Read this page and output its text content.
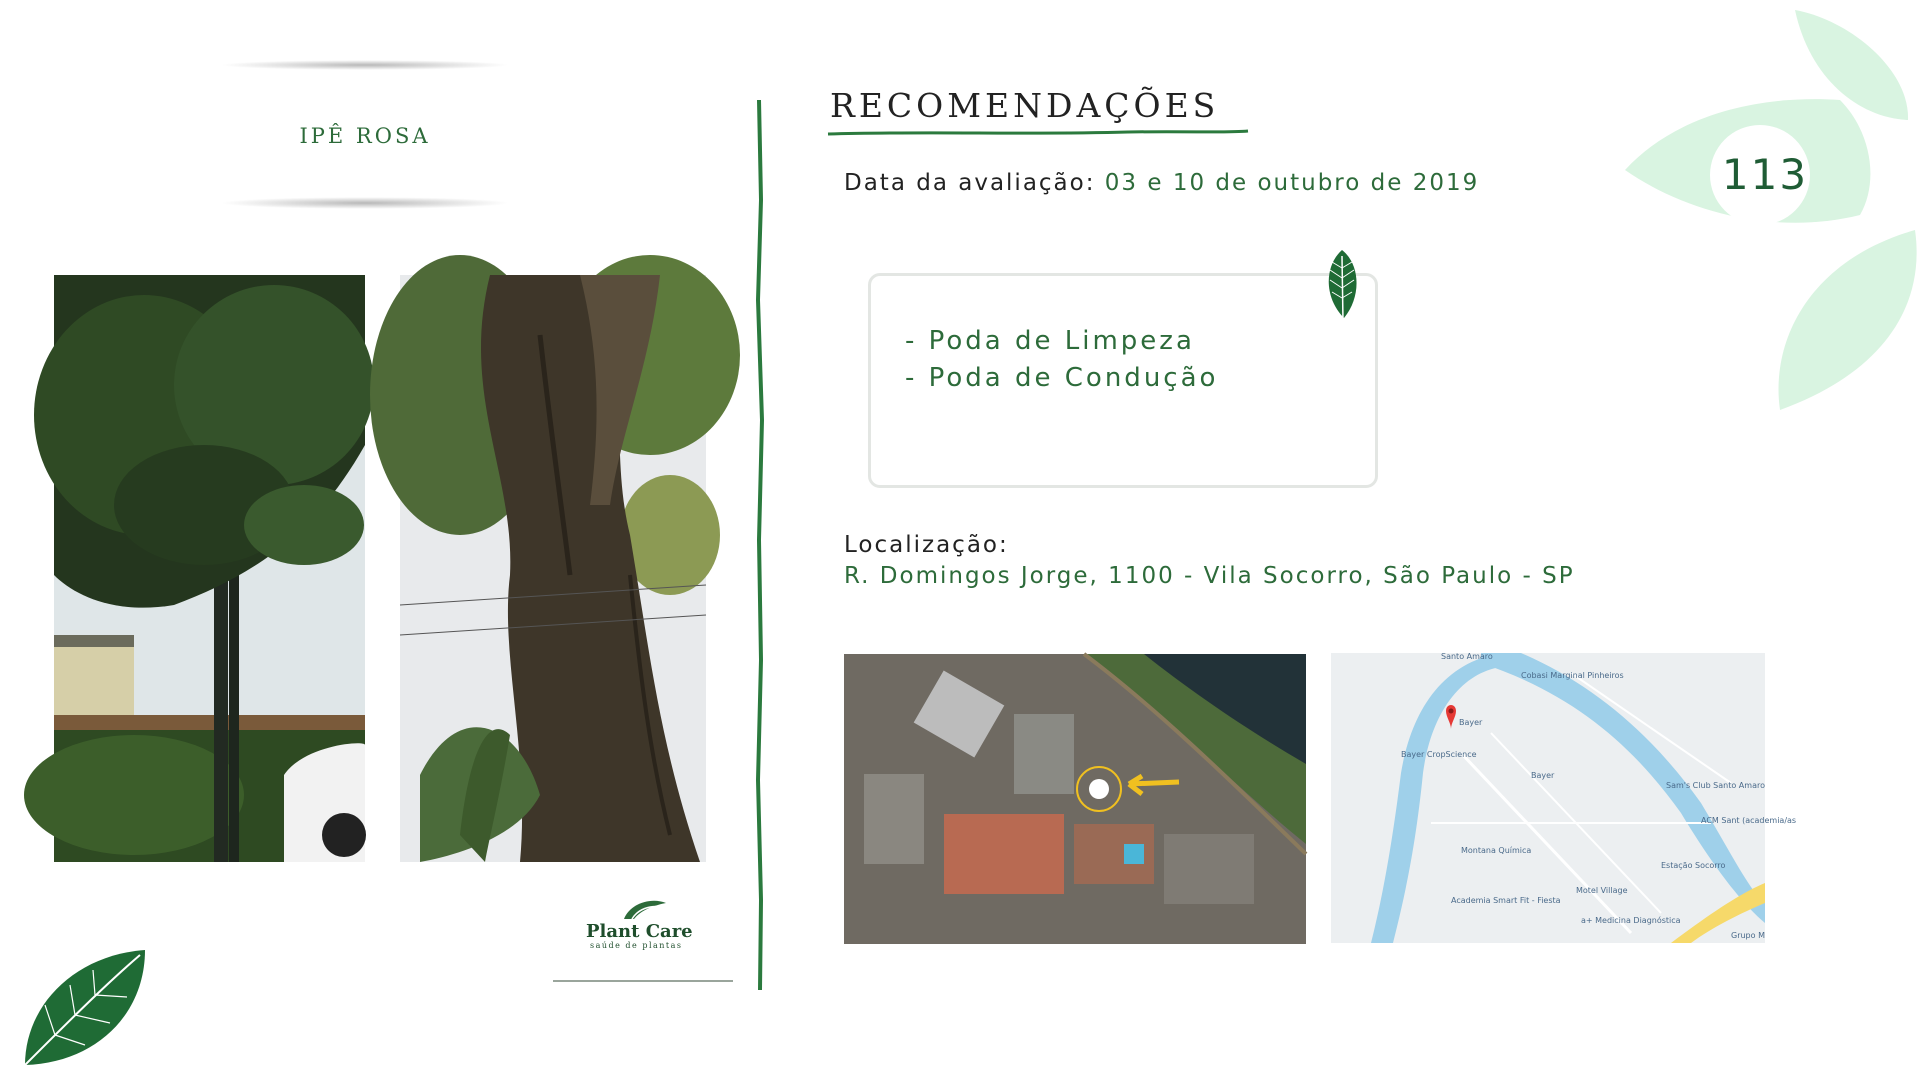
113
IPÊ ROSA
Plant Care
saúde de plantas
RECOMENDAÇÕES
Data da avaliação: 03 e 10 de outubro de 2019
- Poda de Limpeza
- Poda de Condução
Localização:
R. Domingos Jorge, 1100 - Vila Socorro, São Paulo - SP
Bayer
Santo Amaro
Cobasi Marginal Pinheiros
Bayer CropScience
Bayer
Sam's Club Santo Amaro
ACM Sant (academia/as
Montana Química
Estação Socorro
Motel Village
Academia Smart Fit - Fiesta
a+ Medicina Diagnóstica
Grupo M
